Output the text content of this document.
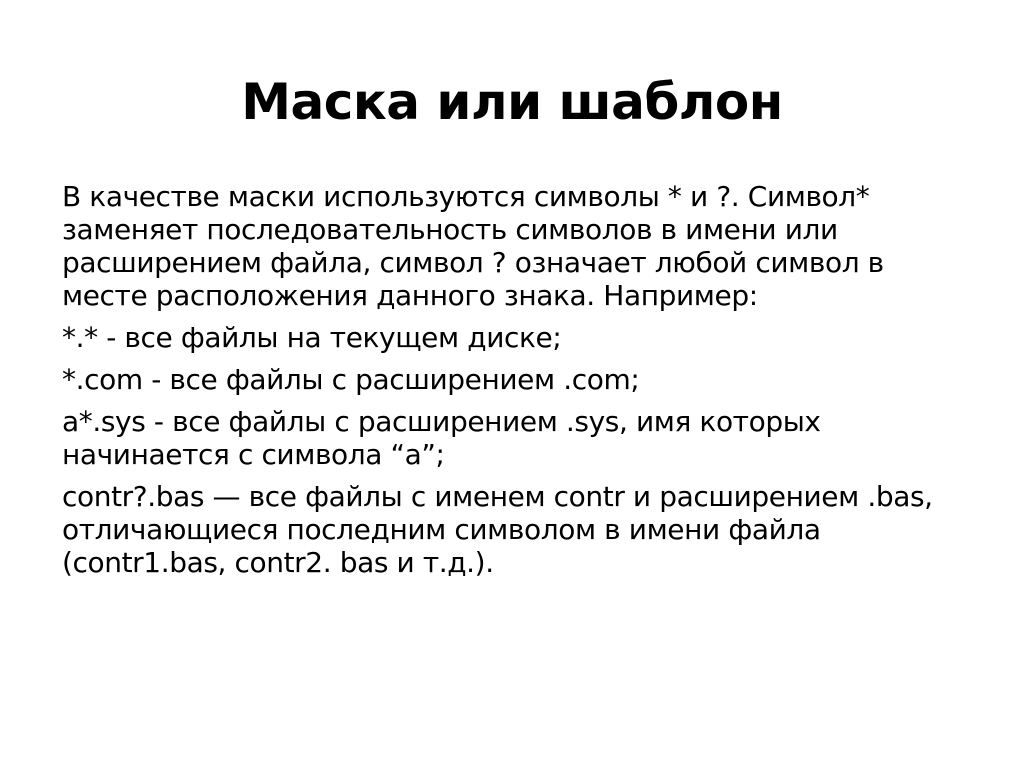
Маска или шаблон

В качестве маски используются символы * и ?. Символ* заменяет последовательность символов в имени или расширением файла, символ ? означает любой символ в месте расположения данного знака. Например:

*.* - все файлы на текущем диске;

*.com - все файлы с расширением .com;

a*.sys - все файлы с расширением .sys, имя которых начинается с символа “а”;

contr?.bas — все файлы с именем contr и расширением .bas, отличающиеся последним символом в имени файла (contr1.bas, contr2. bas и т.д.).
